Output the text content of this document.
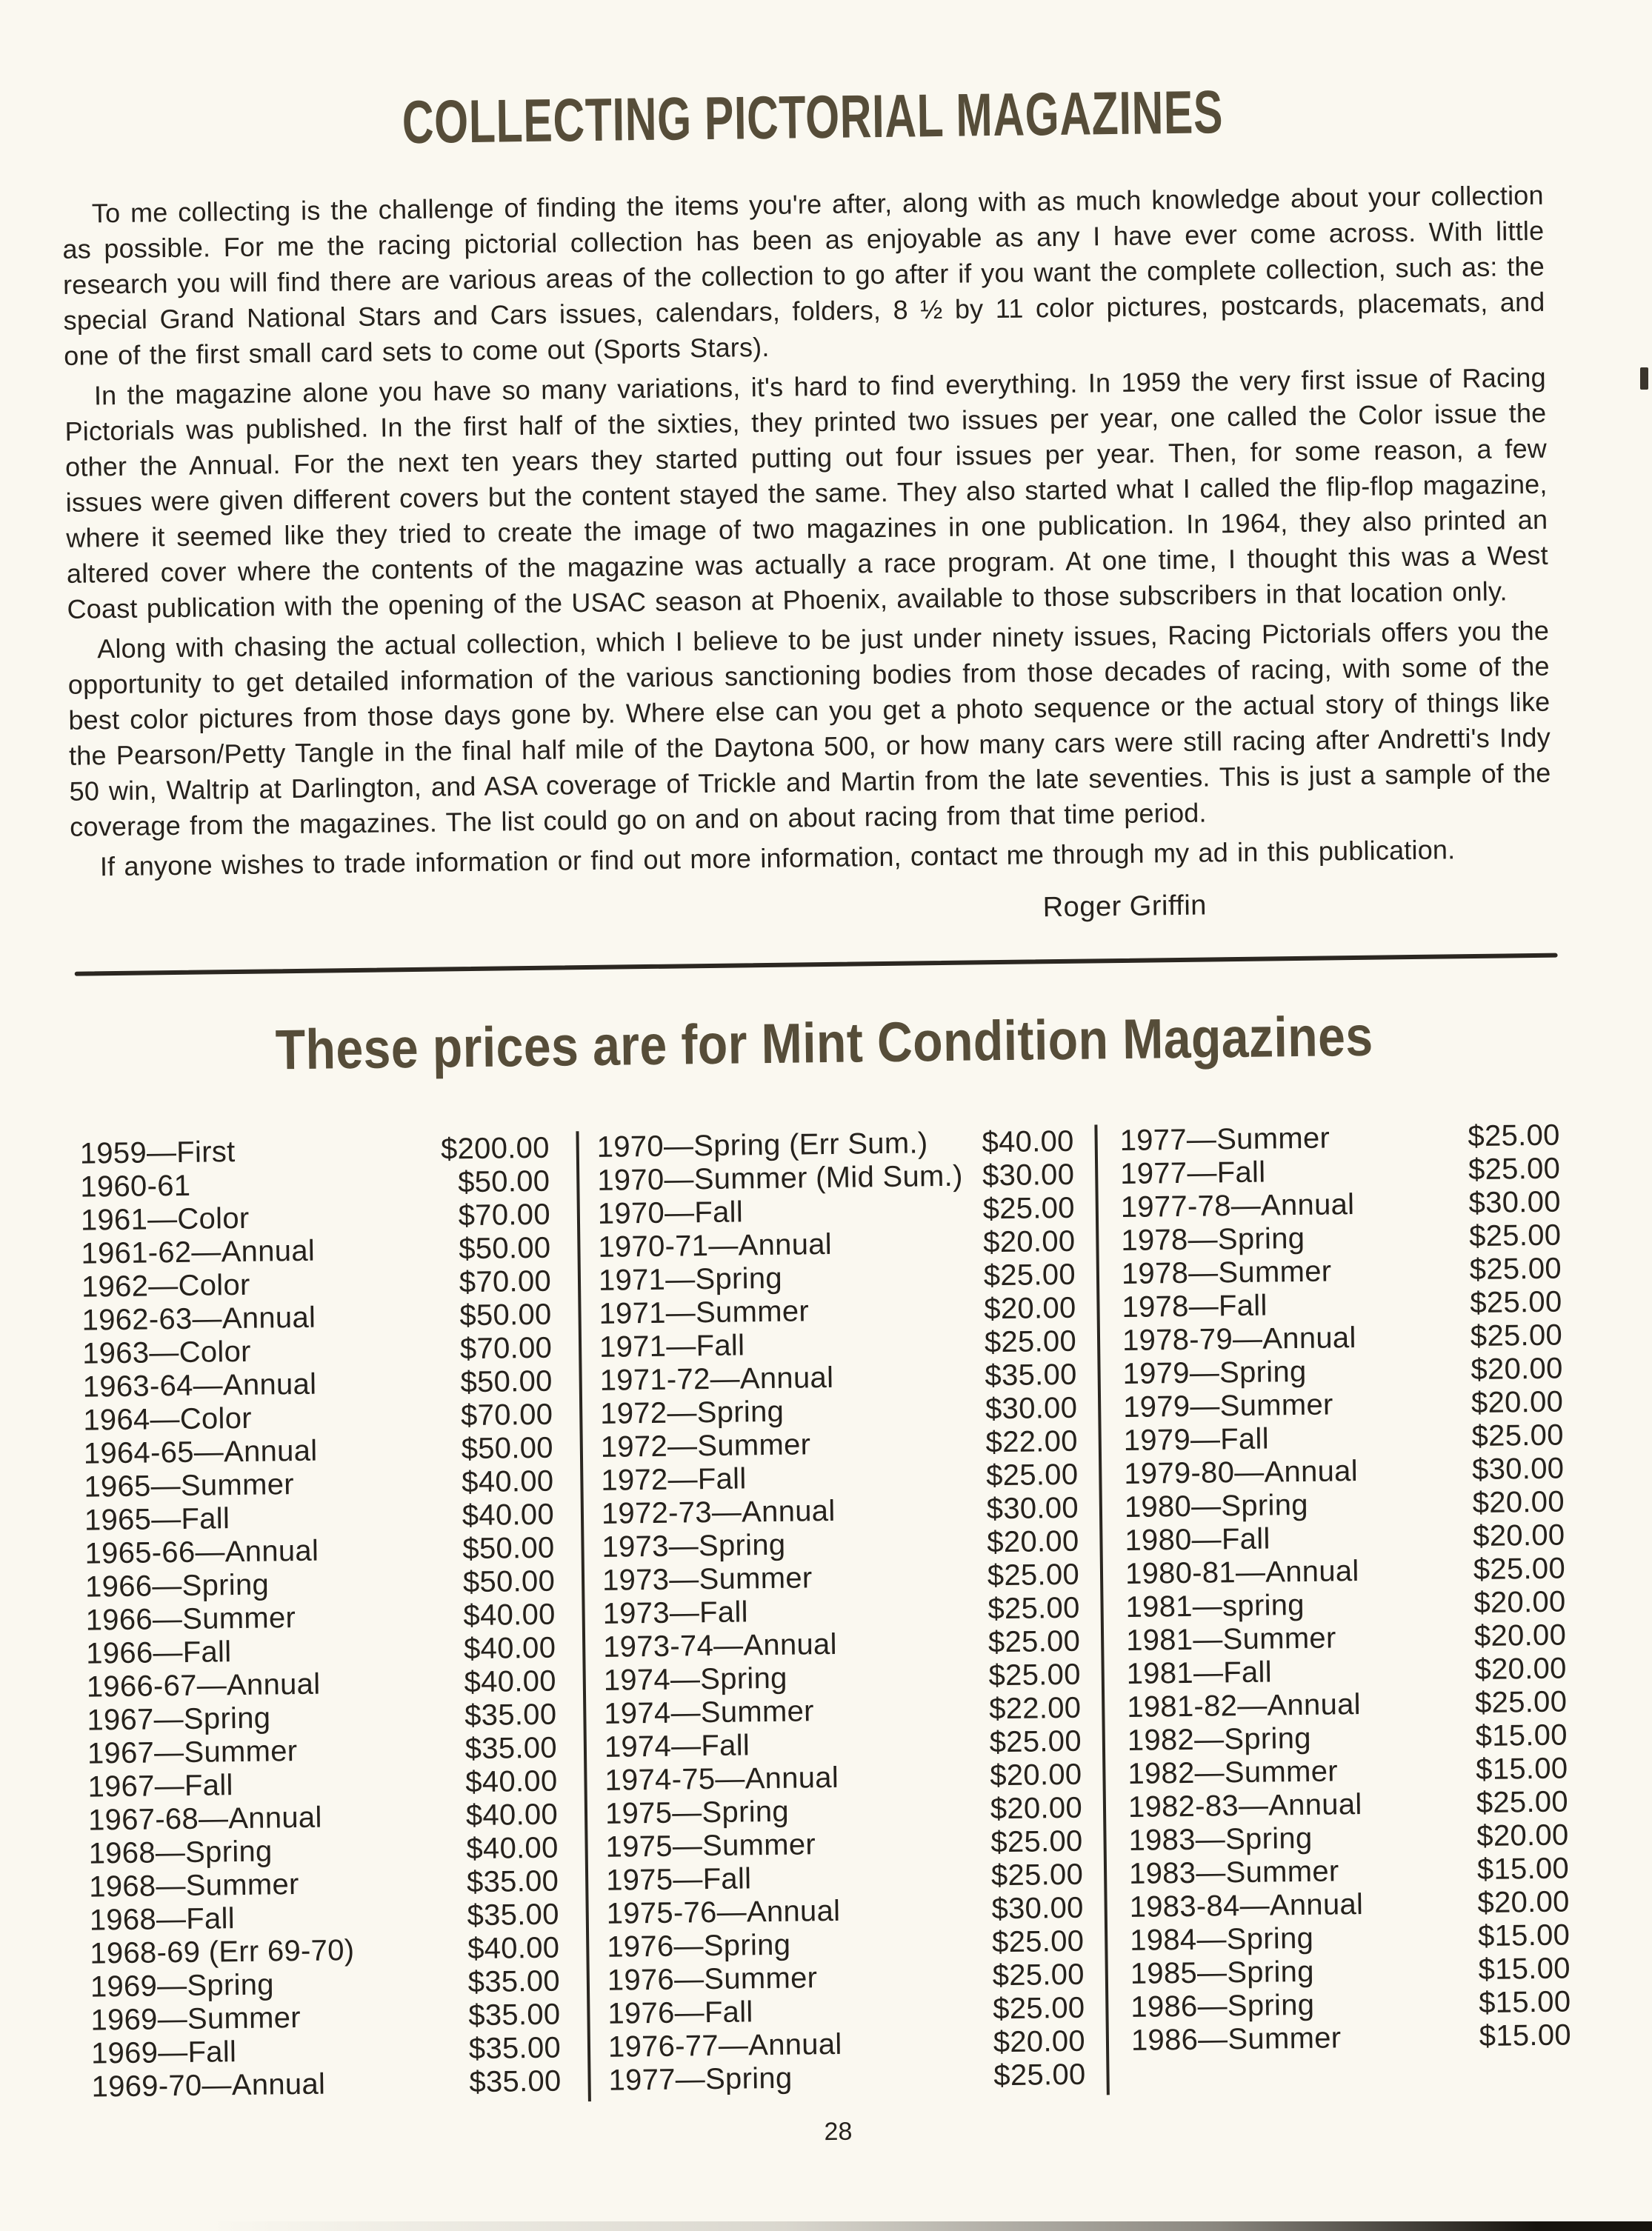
COLLECTING PICTORIAL MAGAZINES

To me collecting is the challenge of finding the items you're after, along with as much knowledge about your collection as possible. For me the racing pictorial collection has been as enjoyable as any I have ever come across. With little research you will find there are various areas of the collection to go after if you want the complete collection, such as: the special Grand National Stars and Cars issues, calendars, folders, 8 ½ by 11 color pictures, postcards, placemats, and one of the first small card sets to come out (Sports Stars).

In the magazine alone you have so many variations, it's hard to find everything. In 1959 the very first issue of Racing Pictorials was published. In the first half of the sixties, they printed two issues per year, one called the Color issue the other the Annual. For the next ten years they started putting out four issues per year. Then, for some reason, a few issues were given different covers but the content stayed the same. They also started what I called the flip-flop magazine, where it seemed like they tried to create the image of two magazines in one publication. In 1964, they also printed an altered cover where the contents of the magazine was actually a race program. At one time, I thought this was a West Coast publication with the opening of the USAC season at Phoenix, available to those subscribers in that location only.

Along with chasing the actual collection, which I believe to be just under ninety issues, Racing Pictorials offers you the opportunity to get detailed information of the various sanctioning bodies from those decades of racing, with some of the best color pictures from those days gone by. Where else can you get a photo sequence or the actual story of things like the Pearson/Petty Tangle in the final half mile of the Daytona 500, or how many cars were still racing after Andretti's Indy 50 win, Waltrip at Darlington, and ASA coverage of Trickle and Martin from the late seventies. This is just a sample of the coverage from the magazines. The list could go on and on about racing from that time period.

If anyone wishes to trade information or find out more information, contact me through my ad in this publication.

Roger Griffin
These prices are for Mint Condition Magazines
1959—First	$200.00
1960-61	$50.00
1961—Color	$70.00
1961-62—Annual	$50.00
1962—Color	$70.00
1962-63—Annual	$50.00
1963—Color	$70.00
1963-64—Annual	$50.00
1964—Color	$70.00
1964-65—Annual	$50.00
1965—Summer	$40.00
1965—Fall	$40.00
1965-66—Annual	$50.00
1966—Spring	$50.00
1966—Summer	$40.00
1966—Fall	$40.00
1966-67—Annual	$40.00
1967—Spring	$35.00
1967—Summer	$35.00
1967—Fall	$40.00
1967-68—Annual	$40.00
1968—Spring	$40.00
1968—Summer	$35.00
1968—Fall	$35.00
1968-69 (Err 69-70)	$40.00
1969—Spring	$35.00
1969—Summer	$35.00
1969—Fall	$35.00
1969-70—Annual	$35.00
1970—Spring (Err Sum.) $40.00
1970—Summer (Mid Sum.) $30.00
1970—Fall	$25.00
1970-71—Annual	$20.00
1971—Spring	$25.00
1971—Summer	$20.00
1971—Fall	$25.00
1971-72—Annual	$35.00
1972—Spring	$30.00
1972—Summer	$22.00
1972—Fall	$25.00
1972-73—Annual	$30.00
1973—Spring	$20.00
1973—Summer	$25.00
1973—Fall	$25.00
1973-74—Annual	$25.00
1974—Spring	$25.00
1974—Summer	$22.00
1974—Fall	$25.00
1974-75—Annual	$20.00
1975—Spring	$20.00
1975—Summer	$25.00
1975—Fall	$25.00
1975-76—Annual	$30.00
1976—Spring	$25.00
1976—Summer	$25.00
1976—Fall	$25.00
1976-77—Annual	$20.00
1977—Spring	$25.00
1977—Summer	$25.00
1977—Fall	$25.00
1977-78—Annual	$30.00
1978—Spring	$25.00
1978—Summer	$25.00
1978—Fall	$25.00
1978-79—Annual	$25.00
1979—Spring	$20.00
1979—Summer	$20.00
1979—Fall	$25.00
1979-80—Annual	$30.00
1980—Spring	$20.00
1980—Fall	$20.00
1980-81—Annual	$25.00
1981—spring	$20.00
1981—Summer	$20.00
1981—Fall	$20.00
1981-82—Annual	$25.00
1982—Spring	$15.00
1982—Summer	$15.00
1982-83—Annual	$25.00
1983—Spring	$20.00
1983—Summer	$15.00
1983-84—Annual	$20.00
1984—Spring	$15.00
1985—Spring	$15.00
1986—Spring	$15.00
1986—Summer	$15.00
28
